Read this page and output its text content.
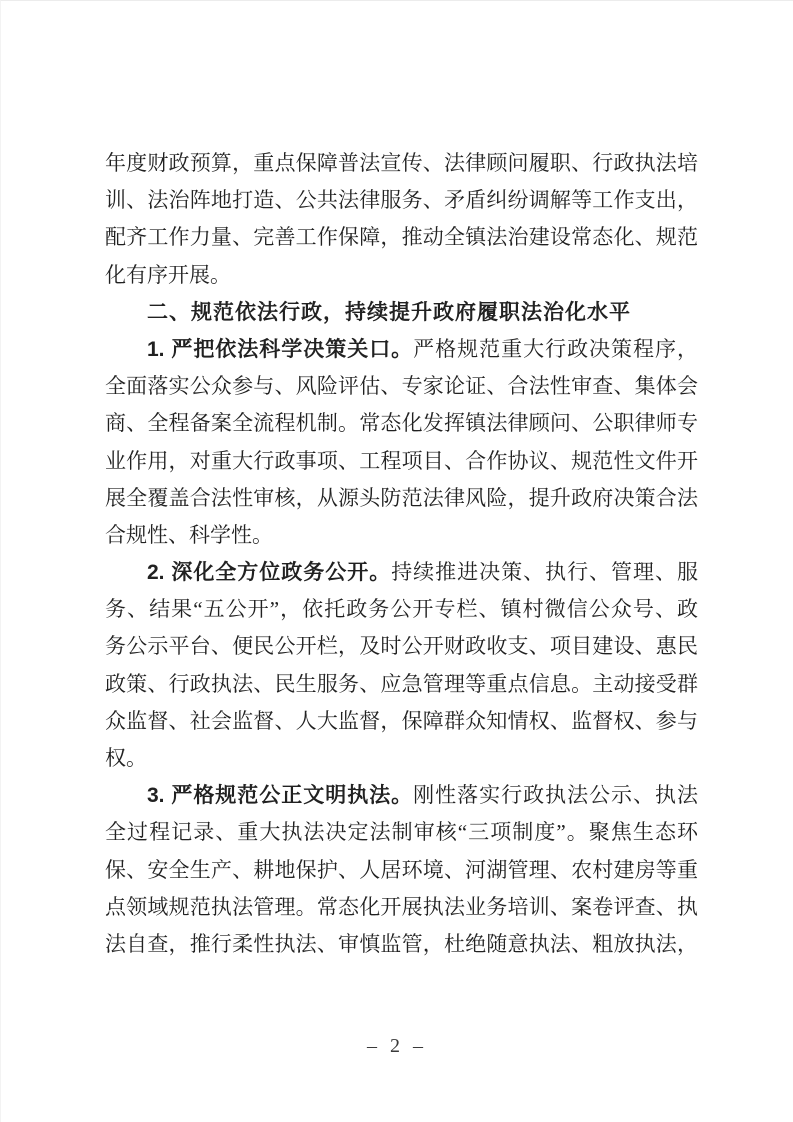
年度财政预算，重点保障普法宣传、法律顾问履职、行政执法培
训、法治阵地打造、公共法律服务、矛盾纠纷调解等工作支出，
配齐工作力量、完善工作保障，推动全镇法治建设常态化、规范
化有序开展。
二、规范依法行政，持续提升政府履职法治化水平
1. 严把依法科学决策关口。严格规范重大行政决策程序，
全面落实公众参与、风险评估、专家论证、合法性审查、集体会
商、全程备案全流程机制。常态化发挥镇法律顾问、公职律师专
业作用，对重大行政事项、工程项目、合作协议、规范性文件开
展全覆盖合法性审核，从源头防范法律风险，提升政府决策合法
合规性、科学性。
2. 深化全方位政务公开。持续推进决策、执行、管理、服
务、结果“五公开”，依托政务公开专栏、镇村微信公众号、政
务公示平台、便民公开栏，及时公开财政收支、项目建设、惠民
政策、行政执法、民生服务、应急管理等重点信息。主动接受群
众监督、社会监督、人大监督，保障群众知情权、监督权、参与
权。
3. 严格规范公正文明执法。刚性落实行政执法公示、执法
全过程记录、重大执法决定法制审核“三项制度”。聚焦生态环
保、安全生产、耕地保护、人居环境、河湖管理、农村建房等重
点领域规范执法管理。常态化开展执法业务培训、案卷评查、执
法自查，推行柔性执法、审慎监管，杜绝随意执法、粗放执法，
– 2 –
